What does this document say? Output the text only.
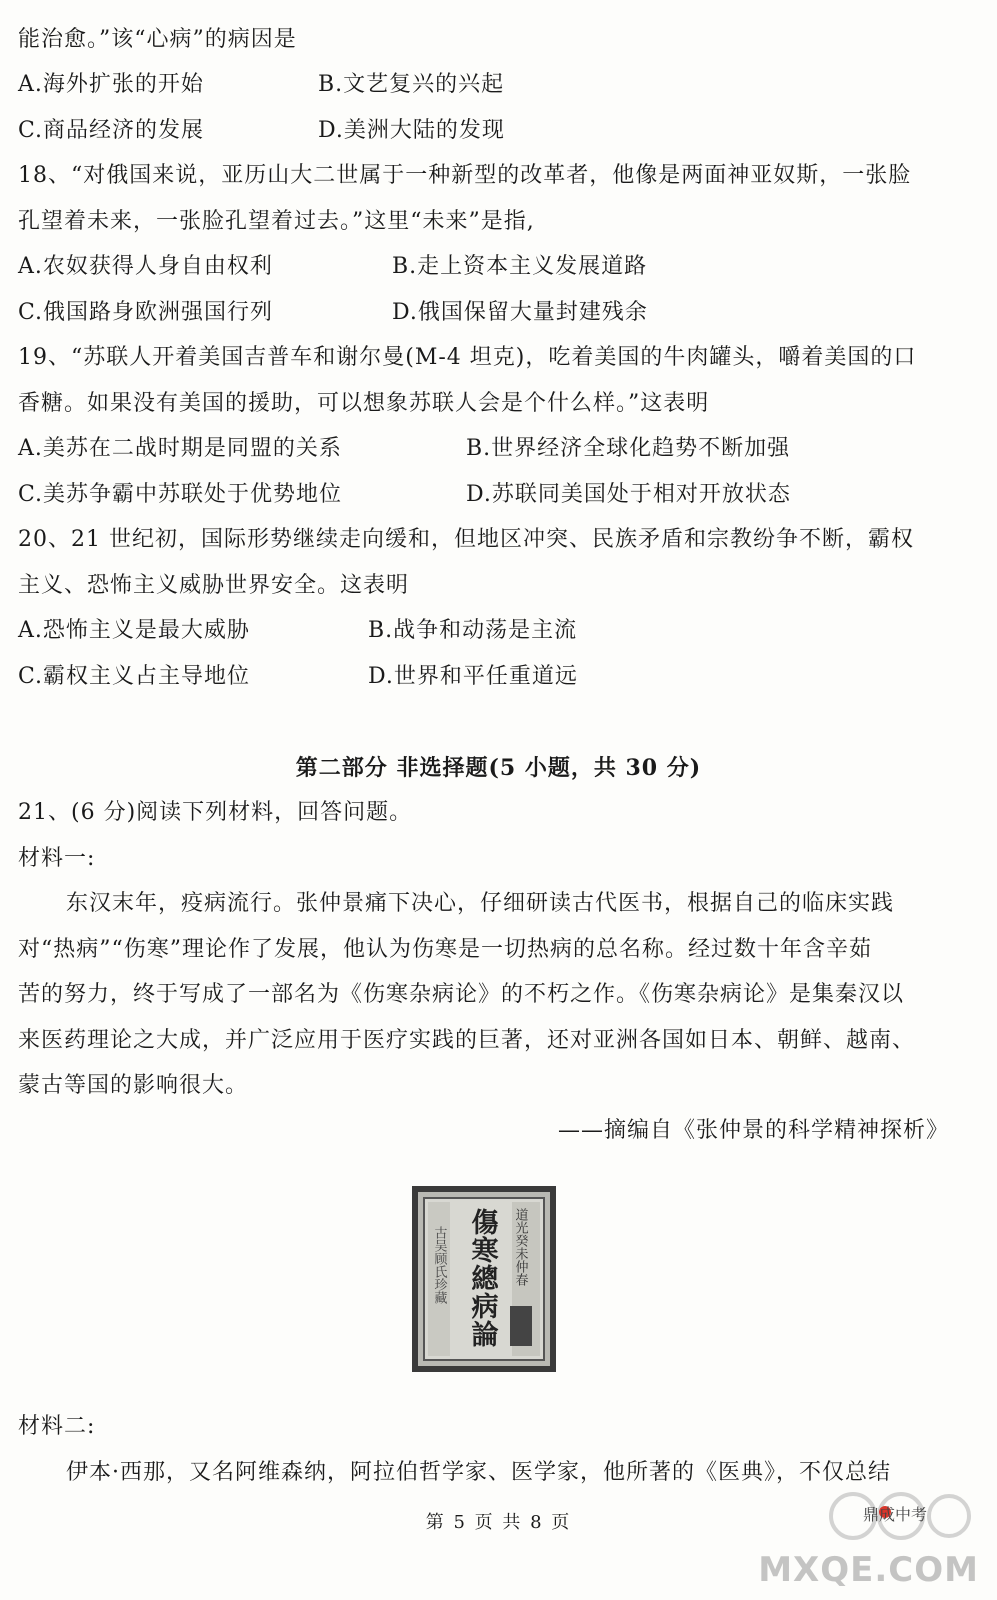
能治愈。”该“心病”的病因是
A.海外扩张的开始	B.文艺复兴的兴起
C.商品经济的发展	D.美洲大陆的发现
18、“对俄国来说，亚历山大二世属于一种新型的改革者，他像是两面神亚奴斯，一张脸
孔望着未来，一张脸孔望着过去。”这里“未来”是指,
A.农奴获得人身自由权利	B.走上资本主义发展道路
C.俄国路身欧洲强国行列	D.俄国保留大量封建残余
19、“苏联人开着美国吉普车和谢尔曼(M-4 坦克)，吃着美国的牛肉罐头，嚼着美国的口
香糖。如果没有美国的援助，可以想象苏联人会是个什么样。”这表明
A.美苏在二战时期是同盟的关系	B.世界经济全球化趋势不断加强
C.美苏争霸中苏联处于优势地位	D.苏联同美国处于相对开放状态
20、21 世纪初，国际形势继续走向缓和，但地区冲突、民族矛盾和宗教纷争不断，霸权
主义、恐怖主义威胁世界安全。这表明
A.恐怖主义是最大威胁	B.战争和动荡是主流
C.霸权主义占主导地位	D.世界和平任重道远
第二部分 非选择题(5 小题，共 30 分)
21、(6 分)阅读下列材料，回答问题。
材料一:
东汉末年，疫病流行。张仲景痛下决心，仔细研读古代医书，根据自己的临床实践
对“热病”“伤寒”理论作了发展，他认为伤寒是一切热病的总名称。经过数十年含辛茹
苦的努力，终于写成了一部名为《伤寒杂病论》的不朽之作。《伤寒杂病论》是集秦汉以
来医药理论之大成，并广泛应用于医疗实践的巨著，还对亚洲各国如日本、朝鲜、越南、
蒙古等国的影响很大。
——摘编自《张仲景的科学精神探析》
傷寒總病論 道光癸未仲春
古吴顾氏珍藏
材料二:
伊本·西那，又名阿维森纳，阿拉伯哲学家、医学家，他所著的《医典》，不仅总结
第 5 页 共 8 页	鼎成中考
MXQE.COM
